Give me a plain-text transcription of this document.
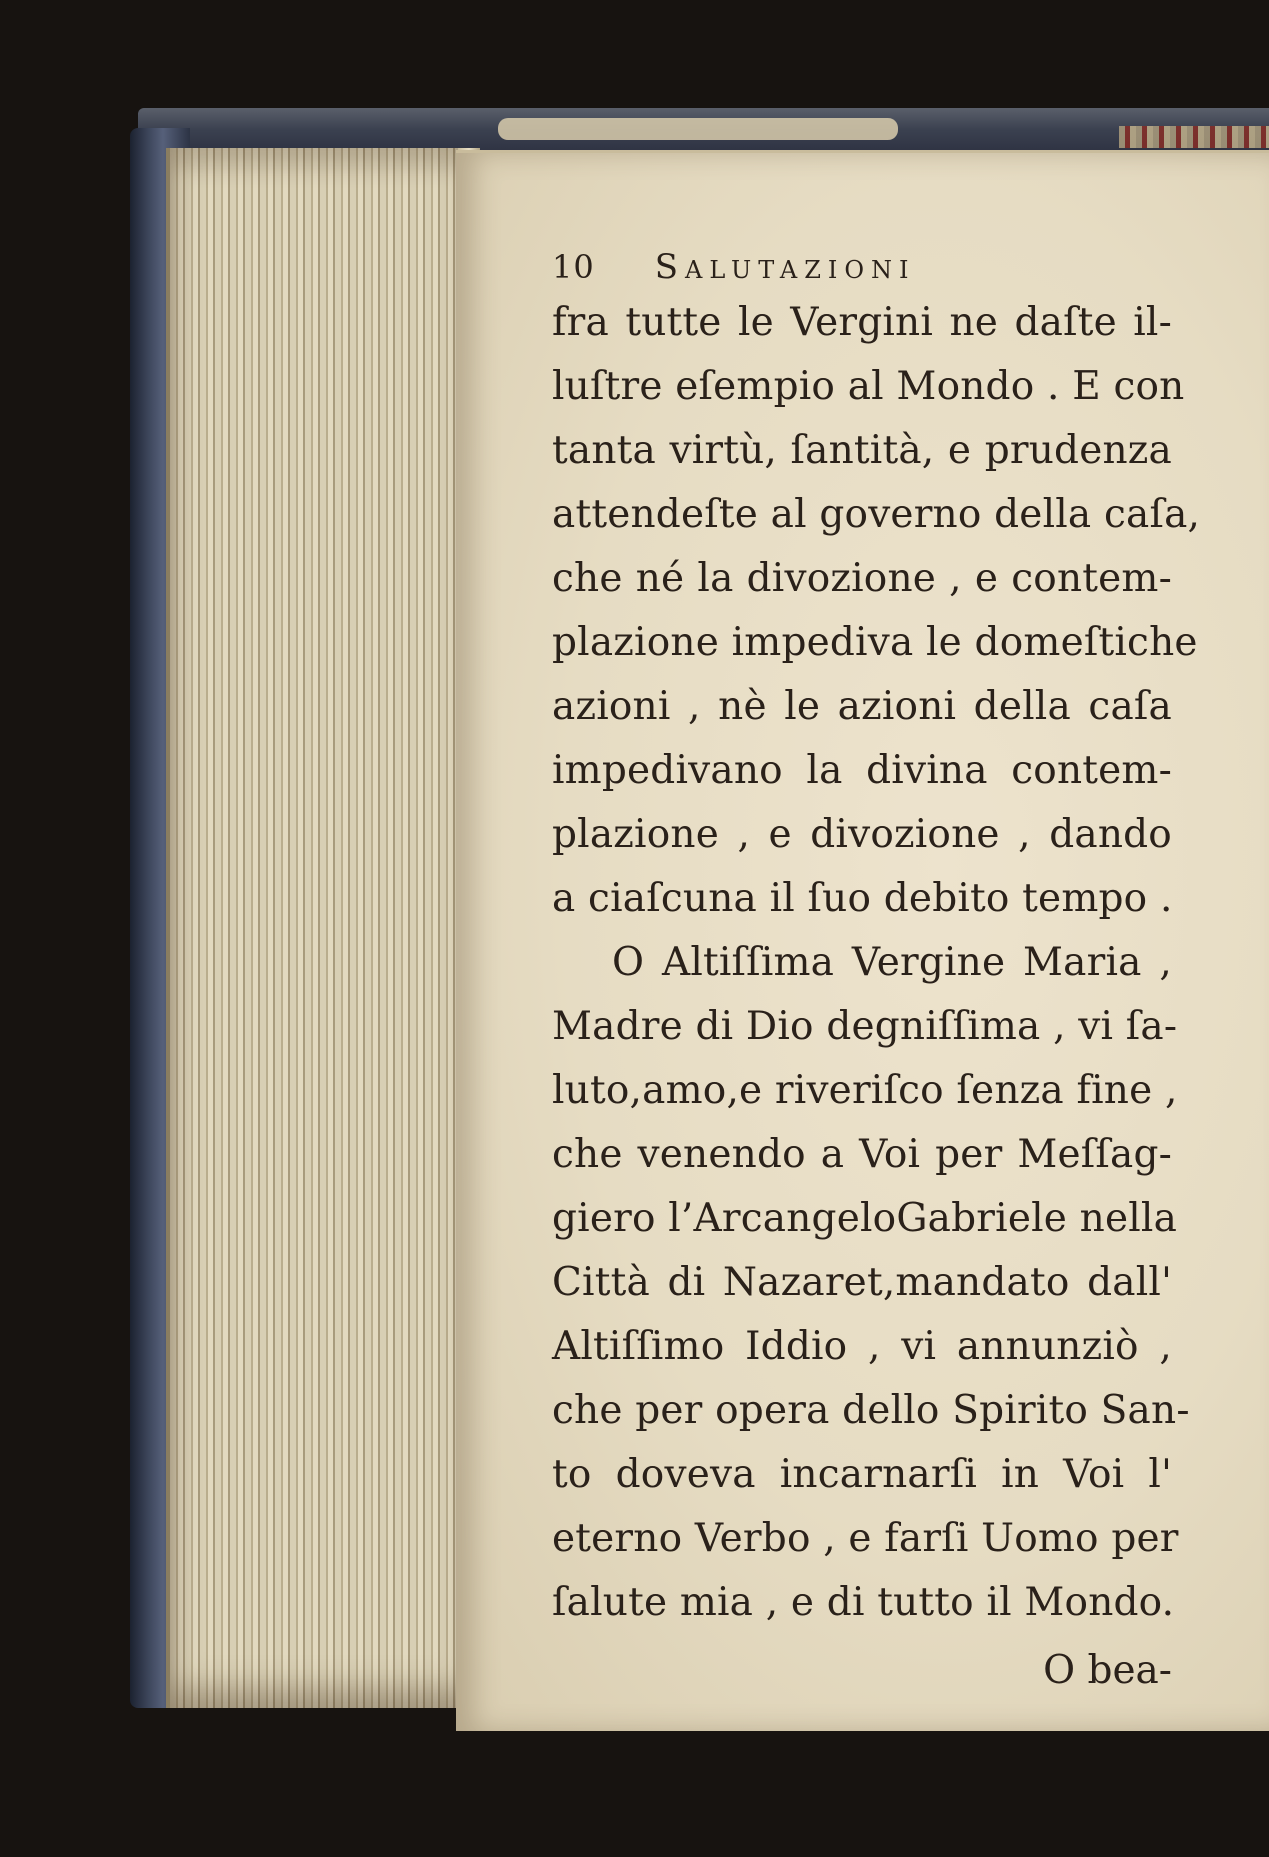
10 Salutazioni
fra tutte le Vergini ne daſte il-
luſtre eſempio al Mondo . E con
tanta virtù, ſantità, e prudenza
attendeſte al governo della caſa,
che né la divozione , e contem-
plazione impediva le domeſtiche
azioni , nè le azioni della caſa
impedivano la divina contem-
plazione , e divozione , dando
a ciaſcuna il ſuo debito tempo .
O Altiſſima Vergine Maria ,
Madre di Dio degniſſima , vi ſa-
luto,amo,e riveriſco ſenza fine ,
che venendo a Voi per Meſſag-
giero l’ArcangeloGabriele nella
Città di Nazaret,mandato dall'
Altiſſimo Iddio , vi annunziò ,
che per opera dello Spirito San-
to doveva incarnarſi in Voi l'
eterno Verbo , e farſi Uomo per
ſalute mia , e di tutto il Mondo.
O bea-
